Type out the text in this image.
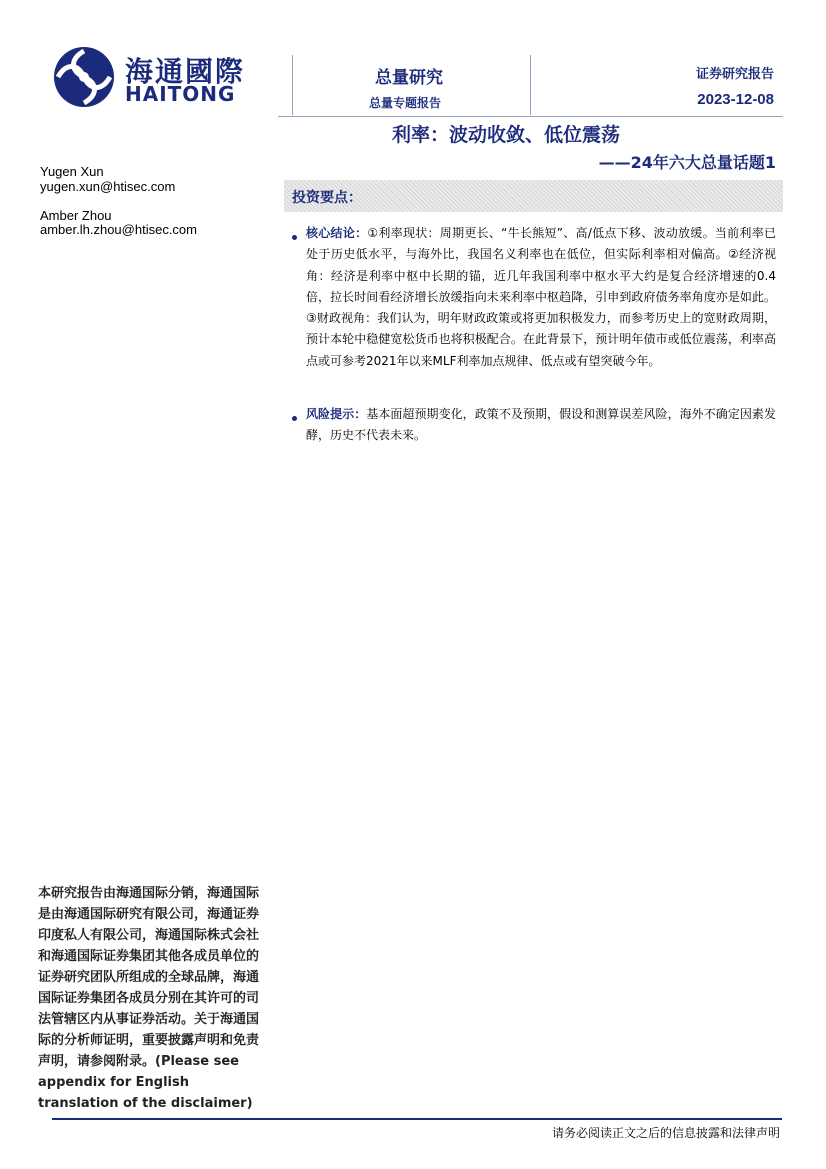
海通國際
HAITONG
总量研究
总量专题报告
证券研究报告
2023-12-08
利率：波动收敛、低位震荡
——24年六大总量话题1
Yugen Xun
yugen.xun@htisec.com
Amber Zhou
amber.lh.zhou@htisec.com
投资要点：
核心结论：①利率现状：周期更长、“牛长熊短”、高/低点下移、波动放缓。当前利率已处于历史低水平，与海外比，我国名义利率也在低位，但实际利率相对偏高。②经济视角：经济是利率中枢中长期的锚，近几年我国利率中枢水平大约是复合经济增速的0.4倍，拉长时间看经济增长放缓指向未来利率中枢趋降，引申到政府债务率角度亦是如此。③财政视角：我们认为，明年财政政策或将更加积极发力，而参考历史上的宽财政周期，预计本轮中稳健宽松货币也将积极配合。在此背景下，预计明年债市或低位震荡，利率高点或可参考2021年以来MLF利率加点规律、低点或有望突破今年。
风险提示：基本面超预期变化，政策不及预期，假设和测算误差风险，海外不确定因素发酵，历史不代表未来。
本研究报告由海通国际分销，海通国际是由海通国际研究有限公司，海通证券印度私人有限公司，海通国际株式会社和海通国际证券集团其他各成员单位的证券研究团队所组成的全球品牌，海通国际证券集团各成员分别在其许可的司法管辖区内从事证券活动。关于海通国际的分析师证明，重要披露声明和免责声明，请参阅附录。(Please see appendix for English translation of the disclaimer)
请务必阅读正文之后的信息披露和法律声明
